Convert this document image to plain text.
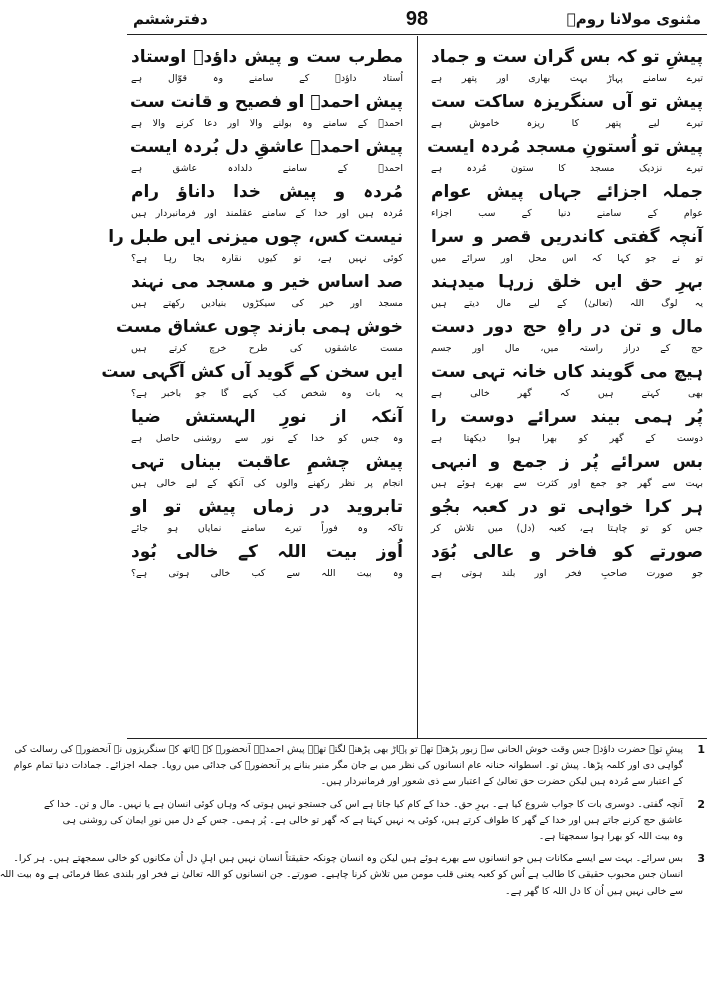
مثنوی مولانا رومؒ
98
دفترششم
پیشِ تو کہ بس گران ست و جماد
تیرے سامنے پہاڑ بہت بھاری اور پتھر ہے
پیش تو آں سنگریزہ ساکت ست
تیرے لیے پتھر کا ریزہ خاموش ہے
پیش تو اُستونِ مسجد مُردہ ایست
تیرے نزدیک مسجد کا ستون مُردہ ہے
جملہ اجزائے جہاں پیش عوام
عوام کے سامنے دنیا کے سب اجزاء
آنچہ گفتی کاندریں قصر و سرا
تو نے جو کہا کہ اس محل اور سرائے میں
بہرِ حق ایں خلق زرہا میدہند
یہ لوگ اللہ (تعالیٰ) کے لیے مال دیتے ہیں
مال و تن در راہِ حج دور دست
حج کے دراز راستہ میں، مال اور جسم
ہیچ می گویند کاں خانہ تہی ست
بھی کہتے ہیں کہ گھر خالی ہے
پُر ہمی بیند سرائے دوست را
دوست کے گھر کو بھرا ہوا دیکھتا ہے
بس سرائے پُر ز جمع و انبہی
بہت سے گھر جو جمع اور کثرت سے بھرے ہوئے ہیں
ہر کرا خواہی تو در کعبہ بجُو
جس کو تو چاہتا ہے، کعبہ (دل) میں تلاش کر
صورتے کو فاخر و عالی بُوَد
جو صورت صاحبِ فخر اور بلند ہوتی ہے
مطرب ست و پیش داؤدؑ اوستاد
اُستاد داؤدؑ کے سامنے وہ قوّال ہے
پیش احمدؐ او فصیح و قانت ست
احمدؐ کے سامنے وہ بولنے والا اور دعا کرنے والا ہے
پیش احمدؐ عاشقِ دل بُردہ ایست
احمدؐ کے سامنے دلدادہ عاشق ہے
مُردہ و پیش خدا داناؤ رام
مُردہ ہیں اور خدا کے سامنے عقلمند اور فرمانبردار ہیں
نیست کس، چوں میزنی ایں طبل را
کوئی نہیں ہے، تو کیوں نقارہ بجا رہا ہے؟
صد اساس خیر و مسجد می نہند
مسجد اور خیر کی سیکڑوں بنیادیں رکھتے ہیں
خوش ہمی بازند چوں عشاق مست
مست عاشقوں کی طرح خرچ کرتے ہیں
ایں سخن کے گوید آں کش آگہی ست
یہ بات وہ شخص کب کہے گا جو باخبر ہے؟
آنکہ از نورِ الہستش ضیا
وہ جس کو خدا کے نور سے روشنی حاصل ہے
پیش چشمِ عاقبت بیناں تہی
انجام پر نظر رکھنے والوں کی آنکھ کے لیے خالی ہیں
تابروید در زماں پیش تو او
تاکہ وہ فوراً تیرے سامنے نمایاں ہو جائے
اُوز بیت اللہ کے خالی بُود
وہ بیت اللہ سے کب خالی ہوتی ہے؟
1
پیشِ تو۔ حضرت داؤدؑ جس وقت خوش الحانی سے زبور پڑھتے تھے تو پہاڑ بھی پڑھنے لگتے تھے۔ پیش احمدؐ۔ آنحضورؐ کے ہاتھ کے سنگریزوں نے آنحضورؐ کی رسالت کی
گواہی دی اور کلمہ پڑھا۔ پیش تو۔ اسطوانہ حنانہ عام انسانوں کی نظر میں بے جان مگر منبر بنانے پر آنحضورؐ کی جدائی میں رویا۔ جملہ اجزائے۔ جمادات دنیا تمام عوام
کے اعتبار سے مُردہ ہیں لیکن حضرت حق تعالیٰ کے اعتبار سے ذی شعور اور فرمانبردار ہیں۔
2
آنچہ گفتی۔ دوسری بات کا جواب شروع کیا ہے۔ بہرِ حق۔ خدا کے کام کیا جاتا ہے اس کی جستجو نہیں ہوتی کہ وہاں کوئی انسان ہے یا نہیں۔ مال و تن۔ خدا کے
عاشق حج کرنے جاتے ہیں اور خدا کے گھر کا طواف کرتے ہیں، کوئی یہ نہیں کہتا ہے کہ گھر تو خالی ہے۔ پُر ہمی۔ جس کے دل میں نورِ ایمان کی روشنی ہی
وہ بیت اللہ کو بھرا ہوا سمجھتا ہے۔
3
بس سرائے۔ بہت سے ایسے مکانات ہیں جو انسانوں سے بھرے ہوئے ہیں لیکن وہ انسان چونکہ حقیقتاً انسان نہیں ہیں اہلِ دل اُن مکانوں کو خالی سمجھتے ہیں۔ ہر کرا۔
انسان جس محبوب حقیقی کا طالب ہے اُس کو کعبہ یعنی قلب مومن میں تلاش کرنا چاہیے۔ صورتے۔ جن انسانوں کو اللہ تعالیٰ نے فخر اور بلندی عطا فرمائی ہے وہ بیت اللہ
سے خالی نہیں ہیں اُن کا دل اللہ کا گھر ہے۔
